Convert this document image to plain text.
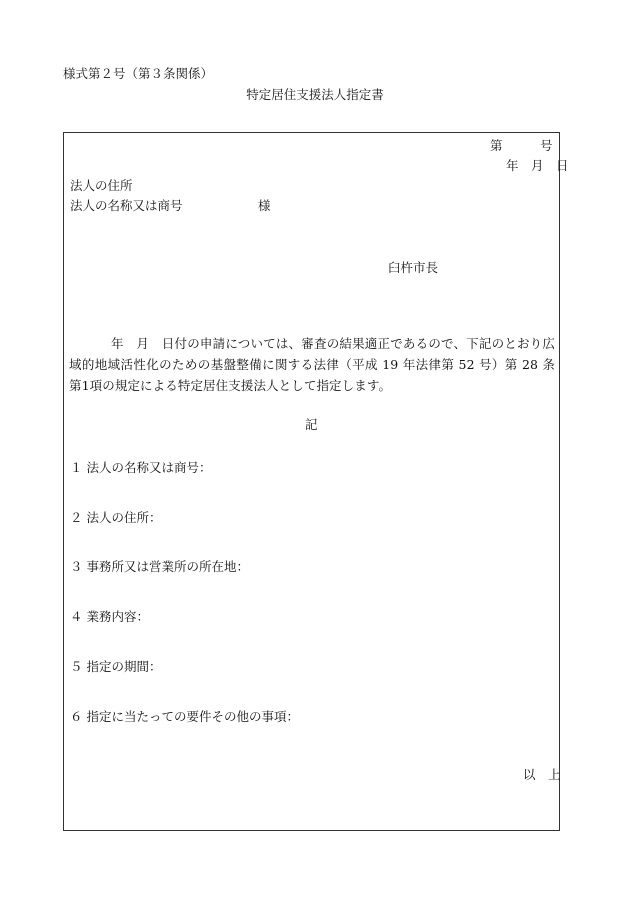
様式第２号（第３条関係）
特定居住支援法人指定書
第　　　号
年　月　日
法人の住所
法人の名称又は商号	様
臼杵市長
年　月　日付の申請については、審査の結果適正であるので、下記のとおり広域的地域活性化のための基盤整備に関する法律（平成 19 年法律第 52 号）第 28 条第1項の規定による特定居住支援法人として指定します。
記
１ 法人の名称又は商号：
２ 法人の住所：
３ 事務所又は営業所の所在地：
４ 業務内容：
５ 指定の期間：
６ 指定に当たっての要件その他の事項：
以　上
